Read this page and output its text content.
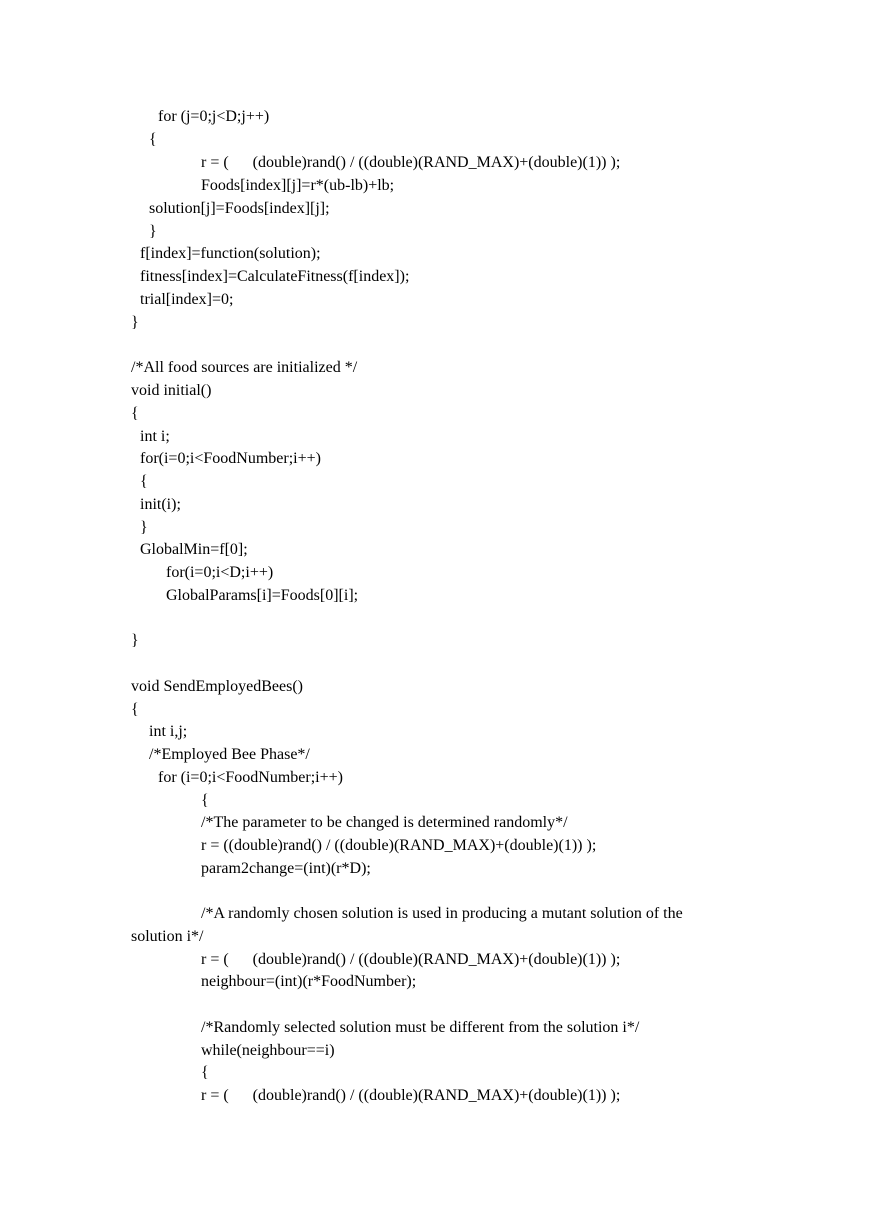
for (j=0;j<D;j++)
{
r = (      (double)rand() / ((double)(RAND_MAX)+(double)(1)) );
Foods[index][j]=r*(ub-lb)+lb;
solution[j]=Foods[index][j];
}
f[index]=function(solution);
fitness[index]=CalculateFitness(f[index]);
trial[index]=0;
}
/*All food sources are initialized */
void initial()
{
int i;
for(i=0;i<FoodNumber;i++)
{
init(i);
}
GlobalMin=f[0];
for(i=0;i<D;i++)
GlobalParams[i]=Foods[0][i];
}
void SendEmployedBees()
{
int i,j;
/*Employed Bee Phase*/
for (i=0;i<FoodNumber;i++)
{
/*The parameter to be changed is determined randomly*/
r = ((double)rand() / ((double)(RAND_MAX)+(double)(1)) );
param2change=(int)(r*D);
/*A randomly chosen solution is used in producing a mutant solution of the
solution i*/
r = (      (double)rand() / ((double)(RAND_MAX)+(double)(1)) );
neighbour=(int)(r*FoodNumber);
/*Randomly selected solution must be different from the solution i*/
while(neighbour==i)
{
r = (      (double)rand() / ((double)(RAND_MAX)+(double)(1)) );
